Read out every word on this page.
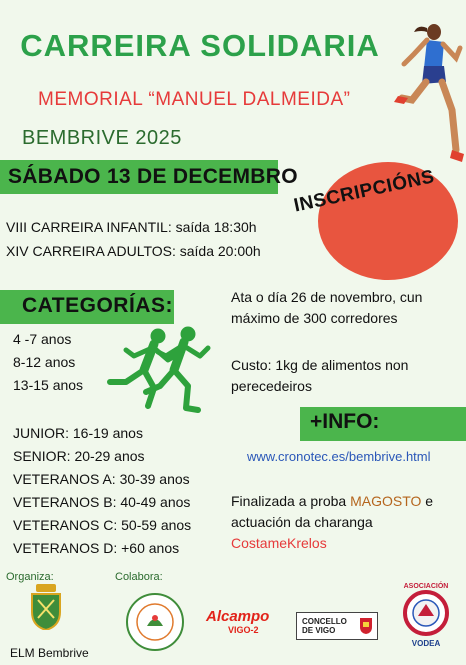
CARREIRA SOLIDARIA
MEMORIAL “MANUEL DALMEIDA”
BEMBRIVE 2025
SÁBADO 13 DE DECEMBRO
INSCRIPCIÓNS
VIII CARREIRA INFANTIL: saída 18:30h
XIV CARREIRA ADULTOS: saída 20:00h
CATEGORÍAS:
4 -7 anos
8-12 anos
13-15 anos
JUNIOR: 16-19 anos
SENIOR: 20-29 anos
VETERANOS A: 30-39 anos
VETERANOS B: 40-49 anos
VETERANOS C: 50-59 anos
VETERANOS D: +60 anos
Ata o día 26 de novembro, cun
máximo de 300 corredores
Custo: 1kg de alimentos non
perecedeiros
+INFO:
www.cronotec.es/bembrive.html
Finalizada a proba MAGOSTO e
actuación da charanga
CostameKrelos
Organiza:	Colabora:
ELM Bembrive
Alcampo
VIGO-2
CONCELLO
DE VIGO
ASOCIACIÓN
VODEA
